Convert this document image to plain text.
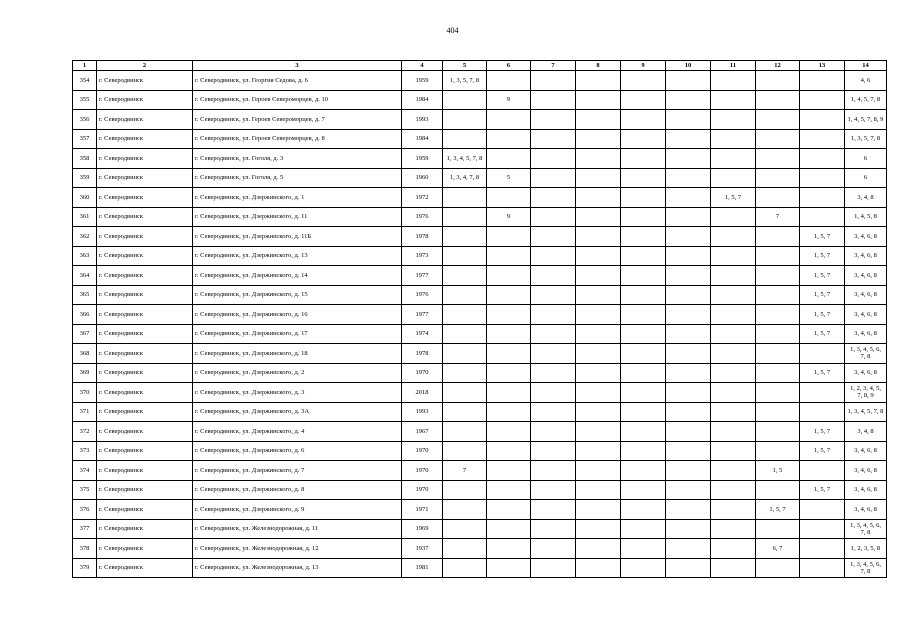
404
1	2	3	4	5	6	7	8	9	10	11	12	13	14
354	г. Северодвинск	г. Северодвинск, ул. Георгия Седова, д. 6	1959	1, 3, 5, 7, 8									4, 6
355	г. Северодвинск	г. Северодвинск, ул. Героев Североморцев, д. 10	1984		9								1, 4, 5, 7, 8
356	г. Северодвинск	г. Северодвинск, ул. Героев Североморцев, д. 7	1993										1, 4, 5, 7, 8, 9
357	г. Северодвинск	г. Северодвинск, ул. Героев Североморцев, д. 8	1984										1, 3, 5, 7, 8
358	г. Северодвинск	г. Северодвинск, ул. Гоголя, д. 3	1959	1, 3, 4, 5, 7, 8									6
359	г. Северодвинск	г. Северодвинск, ул. Гоголя, д. 5	1960	1, 3, 4, 7, 8	5								6
360	г. Северодвинск	г. Северодвинск, ул. Дзержинского, д. 1	1972							1, 5, 7			3, 4, 8
361	г. Северодвинск	г. Северодвинск, ул. Дзержинского, д. 11	1976		9						7		1, 4, 5, 8
362	г. Северодвинск	г. Северодвинск, ул. Дзержинского, д. 11Б	1978									1, 5, 7	3, 4, 6, 8
363	г. Северодвинск	г. Северодвинск, ул. Дзержинского, д. 13	1973									1, 5, 7	3, 4, 6, 8
364	г. Северодвинск	г. Северодвинск, ул. Дзержинского, д. 14	1977									1, 5, 7	3, 4, 6, 8
365	г. Северодвинск	г. Северодвинск, ул. Дзержинского, д. 15	1976									1, 5, 7	3, 4, 6, 8
366	г. Северодвинск	г. Северодвинск, ул. Дзержинского, д. 16	1977									1, 5, 7	3, 4, 6, 8
367	г. Северодвинск	г. Северодвинск, ул. Дзержинского, д. 17	1974									1, 5, 7	3, 4, 6, 8
368	г. Северодвинск	г. Северодвинск, ул. Дзержинского, д. 18	1978										1, 3, 4, 5, 6, 7, 8
369	г. Северодвинск	г. Северодвинск, ул. Дзержинского, д. 2	1970									1, 5, 7	3, 4, 6, 8
370	г. Северодвинск	г. Северодвинск, ул. Дзержинского, д. 3	2018										1, 2, 3, 4, 5, 7, 8, 9
371	г. Северодвинск	г. Северодвинск, ул. Дзержинского, д. 3А	1993										1, 3, 4, 5, 7, 8
372	г. Северодвинск	г. Северодвинск, ул. Дзержинского, д. 4	1967									1, 5, 7	3, 4, 8
373	г. Северодвинск	г. Северодвинск, ул. Дзержинского, д. 6	1970									1, 5, 7	3, 4, 6, 8
374	г. Северодвинск	г. Северодвинск, ул. Дзержинского, д. 7	1970	7							1, 5		3, 4, 6, 8
375	г. Северодвинск	г. Северодвинск, ул. Дзержинского, д. 8	1970									1, 5, 7	3, 4, 6, 8
376	г. Северодвинск	г. Северодвинск, ул. Дзержинского, д. 9	1971								1, 5, 7		3, 4, 6, 8
377	г. Северодвинск	г. Северодвинск, ул. Железнодорожная, д. 11	1969										1, 3, 4, 5, 6, 7, 8
378	г. Северодвинск	г. Северодвинск, ул. Железнодорожная, д. 12	1937								6, 7		1, 2, 3, 5, 8
379	г. Северодвинск	г. Северодвинск, ул. Железнодорожная, д. 13	1981										1, 3, 4, 5, 6, 7, 8
